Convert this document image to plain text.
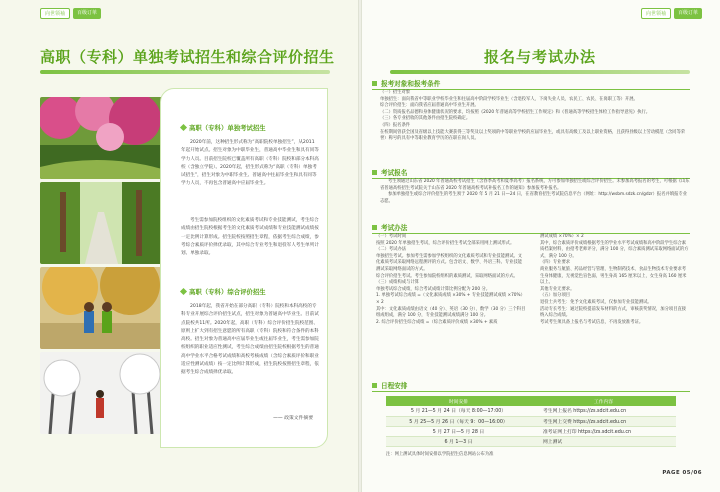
向世领袖	百级订单
高职（专科）单独考试招生和综合评价招生
高职（专科）单独考试招生

2020年前，这种招生形式称为“高职院校单独招生”，从2011年起开始试点。招生对象为中职毕业生，普通高中毕业生和具有同等学力人员。目前招生院校已覆盖所有高职（专科）院校和部分本科高校（含独立学院）。2020年起，招生形式称为“高职（专科）单独考试招生”，招生对象为中职毕业生、普通高中往届毕业生和具有同等学力人员，不再包含普通高中应届毕业生。

考生需参加院校组织的文化素质考试和专业技能测试，考生综合成绩由招生院校根据考生的文化素质考试成绩和专业技能测试成绩按一定比例计算形成。招生院校按照招生章程，依据考生综合成绩，参考综合素质评价择优录取，其中综合专业考生和退役军人考生单列计划、单独录取。

高职（专科）综合评价招生

2018年起，我省开始在部分高职（专科）院校和本科高校的专科专业开展综合评价招生试点，招生对象为普通高中毕业生。目前试点院校共11所。2020年起，高职（专科）综合评价招生院校范围、原则上扩大到有招生意愿的所有高职（专科）院校和符合条件的本科高校。招生对象为普通高中应届毕业生或往届毕业生，考生需参加院校组织的职业适应性测试，考生综合成绩由招生院校根据考生的普通高中学业水平合格考试成绩和高校考核成绩（含综合素质评价和职业适应性测试成绩）按一定比例计算形成，招生院校按照招生章程，依据考生综合成绩择优录取。

—— 政策文件摘要
向世领袖	百级订单
报名与考试办法
报考对象和报考条件
（一）招生对象
单独招生：面向我省中等职业学校毕业生和往届高中阶段学校毕业生（含退役军人、下岗失业人员、农民工、农民、在岗职工等）开展。
综合评价招生：面向我省应届普通高中毕业生开展。
（二）资质报名品德和身体健康状况的要求，均按照《2020 年普通高等学校招生工作规定》和《普通高等学校招生体检工作指导意见》执行。
（三）各专业招收的其他条件由招生院校确定。
（四）报名条件
在校期间曾获全国及省级以上技能大赛获得三等奖及以上奖项的中等职业学校的应届毕业生，或具有高级工及以上职业资格，且获得县级以上劳动模范（含同等荣誉）称号的具有中等职业教育学历的在职在岗人员。
考试报名
考生须通过山东省 2020 年普通高校考试招生（含春季高考和夏季高考）报名系统，方可参加单独招生或综合评价招生。未参加高考报名的考生，可根据《山东省普通高校招生考试院关于山东省 2020 年普通高校考试补报名工作的通知》参加报考补报名。
参加单独招生或综合评价招生的考生须于 2020 年 5 月 21 日—24 日，在省教育招生考试院信息平台（网址：http://wsbm.sdzk.cn/gdzr）报名并填报专业志愿。
考试办法
（一）考试时间
按照 2020 年单独招生考试，综合评价招生考试全部采用网上测试形式。
（二）考试办法
单独招生考试。参加考生需参加学校组织的文化素质考试和专业技能测试。文化素质考试采取网络远程测评的方式。包含语文、数学、外语三科。专业技能测试采取网络面试的方式。
综合评价招生考试。考生参加院校组织的素质测试，采取网络面试的方式。
（三）成绩构成与计算
单独考试综合成绩，综合考试成绩计算比例分配为 200 分。
1. 单独考试综合成绩 =（文化素质成绩 ×30% + 专业技能测试成绩 ×70%）× 2
其中：文化素质成绩由语文（40 分）、英语（30 分）、数学（30 分）三个科目组成组成，满分 100 分，专业技能测试成绩满分 100 分。
2. 综合评价招生综合成绩 =（综合素质评价成绩 ×30% + 素质
测试成绩 ×70%）× 2
其中，综合素质评价成绩根据考生的学业水平考试成绩和高中阶段学生综合素质档案材料，由招考老师评分，满分 100 分，综合素质测试采取网络面试的方式，满分 100 分。
（四）专业要求
商业服务与航旅、药品经营与管理、生物制药技术、食品生物技术专业要求考生身体健康，无视觉色盲色弱，男生身高 165 厘米以上，女生身高 160 厘米以上。
其他专业无要求。
（五）加分项目
退役士兵考生：免予文化素质考试，仅参加专业技能测试。
活动专长考生：通过院校提前发布材料的方式，审核获奖情况，加分项目直接纳入综合成绩。
考试考生须具备上报名与考试信息，不再发放准考证。
日程安排
时间安排	工作内容
5 月 21—5 月 24 日（每天 8:00—17:00）	考生网上报名 https://zs.sdcit.edu.cn
5 月 25—5 月 26 日（每天 9：00—16:00）	考生网上交费 https://zs.sdcit.edu.cn
5 月 27 日—5 月 28 日	准考证网上打印 https://zs.sdcit.edu.cn
6 月 1—3 日	网上测试
注：网上测试具体时间安排以学院招生信息网站公布为准
PAGE 05/06
